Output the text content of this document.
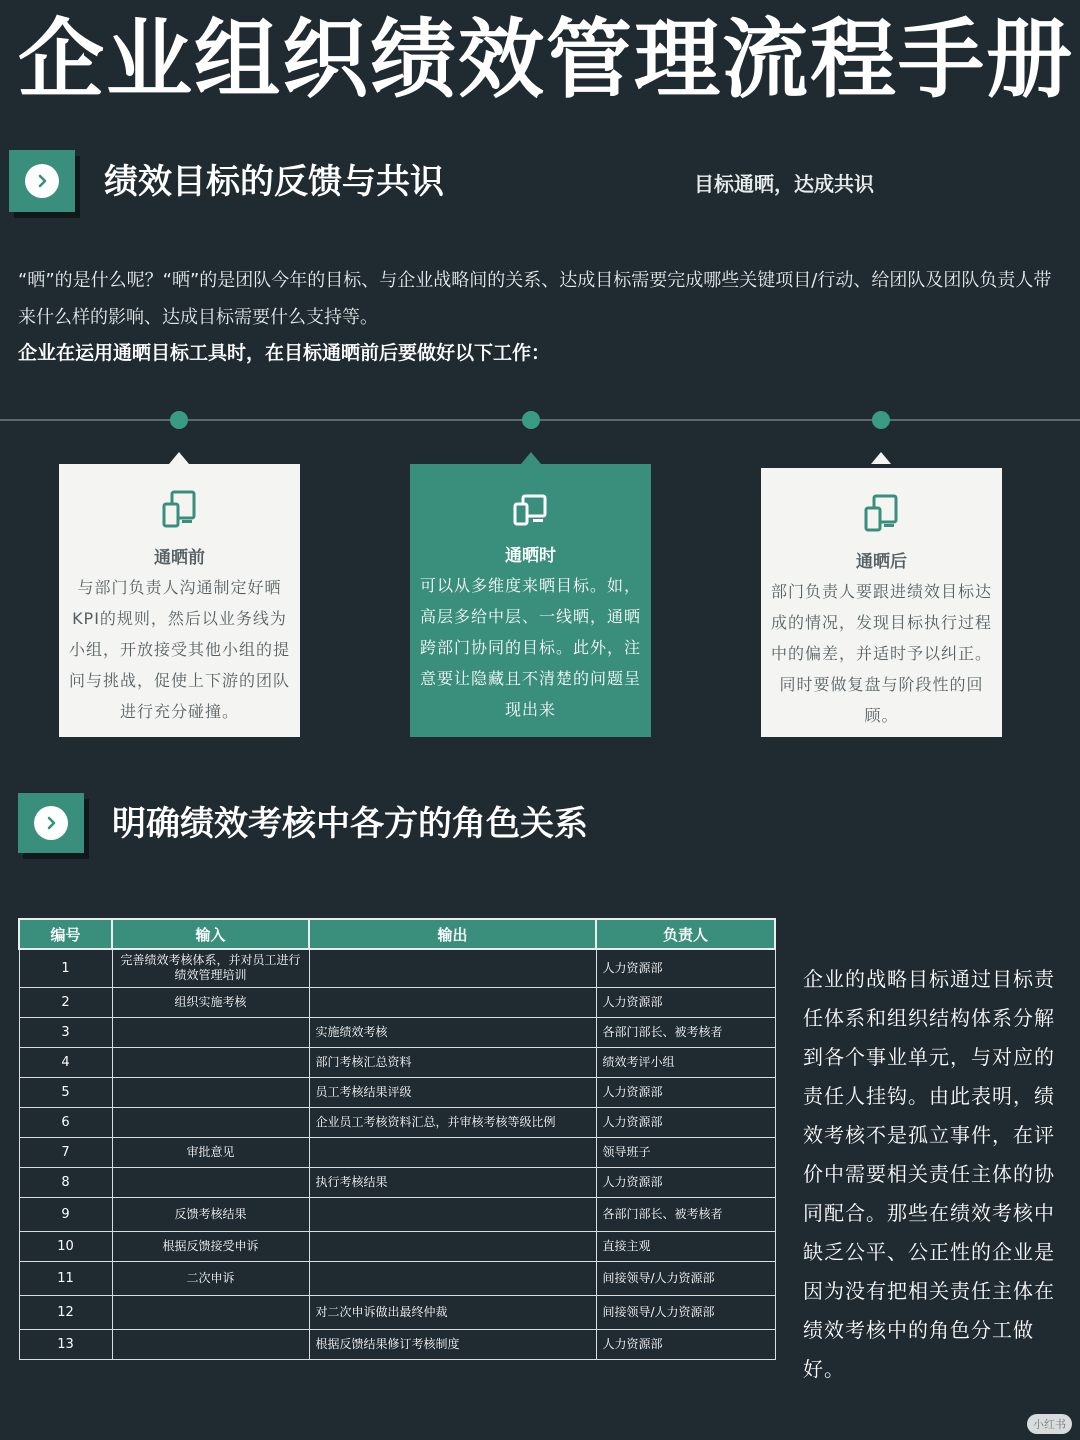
企业组织绩效管理流程手册
绩效目标的反馈与共识	目标通晒，达成共识
“晒”的是什么呢？“晒”的是团队今年的目标、与企业战略间的关系、达成目标需要完成哪些关键项目/行动、给团队及团队负责人带来什么样的影响、达成目标需要什么支持等。
企业在运用通晒目标工具时，在目标通晒前后要做好以下工作：
通晒前
与部门负责人沟通制定好晒KPI的规则，然后以业务线为小组，开放接受其他小组的提问与挑战，促使上下游的团队进行充分碰撞。
通晒时
可以从多维度来晒目标。如，高层多给中层、一线晒，通晒跨部门协同的目标。此外，注意要让隐藏且不清楚的问题呈现出来
通晒后
部门负责人要跟进绩效目标达成的情况，发现目标执行过程中的偏差，并适时予以纠正。同时要做复盘与阶段性的回顾。
明确绩效考核中各方的角色关系
编号	输入	输出	负责人
1	完善绩效考核体系，并对员工进行绩效管理培训		人力资源部
2	组织实施考核		人力资源部
3		实施绩效考核	各部门部长、被考核者
4		部门考核汇总资料	绩效考评小组
5		员工考核结果评级	人力资源部
6		企业员工考核资料汇总，并审核考核等级比例	人力资源部
7	审批意见		领导班子
8		执行考核结果	人力资源部
9	反馈考核结果		各部门部长、被考核者
10	根据反馈接受申诉		直接主观
11	二次申诉		间接领导/人力资源部
12		对二次申诉做出最终仲裁	间接领导/人力资源部
13		根据反馈结果修订考核制度	人力资源部
企业的战略目标通过目标责任体系和组织结构体系分解到各个事业单元，与对应的责任人挂钩。由此表明，绩效考核不是孤立事件，在评价中需要相关责任主体的协同配合。那些在绩效考核中缺乏公平、公正性的企业是因为没有把相关责任主体在绩效考核中的角色分工做好。
小红书
